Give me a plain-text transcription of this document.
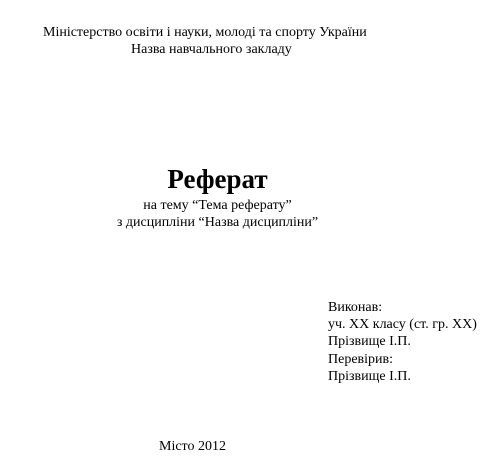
Міністерство освіти і науки, молоді та спорту України
Назва навчального закладу
Реферат
на тему “Тема реферату”
з дисципліни “Назва дисципліни”
Виконав:
уч. ХХ класу (ст. гр. ХХ)
Прізвище І.П.
Перевірив:
Прізвище І.П.
Місто 2012
